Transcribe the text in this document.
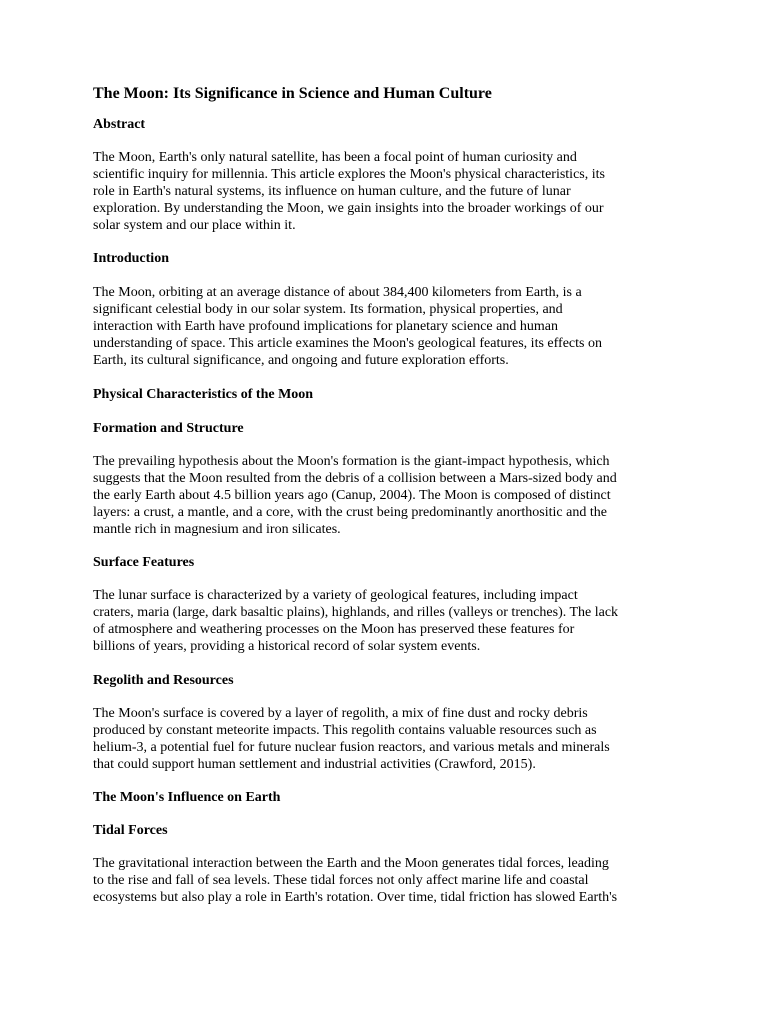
The Moon: Its Significance in Science and Human Culture
Abstract

The Moon, Earth's only natural satellite, has been a focal point of human curiosity and
scientific inquiry for millennia. This article explores the Moon's physical characteristics, its
role in Earth's natural systems, its influence on human culture, and the future of lunar
exploration. By understanding the Moon, we gain insights into the broader workings of our
solar system and our place within it.

Introduction

The Moon, orbiting at an average distance of about 384,400 kilometers from Earth, is a
significant celestial body in our solar system. Its formation, physical properties, and
interaction with Earth have profound implications for planetary science and human
understanding of space. This article examines the Moon's geological features, its effects on
Earth, its cultural significance, and ongoing and future exploration efforts.

Physical Characteristics of the Moon
Formation and Structure

The prevailing hypothesis about the Moon's formation is the giant-impact hypothesis, which
suggests that the Moon resulted from the debris of a collision between a Mars-sized body and
the early Earth about 4.5 billion years ago (Canup, 2004). The Moon is composed of distinct
layers: a crust, a mantle, and a core, with the crust being predominantly anorthositic and the
mantle rich in magnesium and iron silicates.

Surface Features

The lunar surface is characterized by a variety of geological features, including impact
craters, maria (large, dark basaltic plains), highlands, and rilles (valleys or trenches). The lack
of atmosphere and weathering processes on the Moon has preserved these features for
billions of years, providing a historical record of solar system events.

Regolith and Resources

The Moon's surface is covered by a layer of regolith, a mix of fine dust and rocky debris
produced by constant meteorite impacts. This regolith contains valuable resources such as
helium-3, a potential fuel for future nuclear fusion reactors, and various metals and minerals
that could support human settlement and industrial activities (Crawford, 2015).

The Moon's Influence on Earth
Tidal Forces

The gravitational interaction between the Earth and the Moon generates tidal forces, leading
to the rise and fall of sea levels. These tidal forces not only affect marine life and coastal
ecosystems but also play a role in Earth's rotation. Over time, tidal friction has slowed Earth's
